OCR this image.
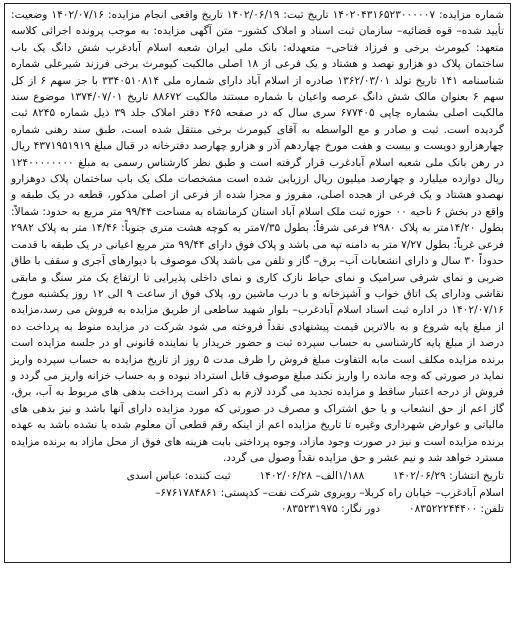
شماره مزایده: ۱۴۰۲۰۴۳۱۶۵۲۳۰۰۰۰۰۷ تاریخ ثبت: ۱۴۰۲/۰۶/۱۹ تاریخ واقعی انجام مزایده: ۱۴۰۲/۰۷/۱۶ وضعیت: تأیید شده– قوه قضائیه– سازمان ثبت اسناد و املاک کشور– متن آگهی مزایده: به موجب پرونده اجرائی کلاسه متعهد: کیومرث برخی و فرزاد فتاحی– متعهدله: بانک ملی ایران شعبه اسلام آبادغرب شش دانگ یک باب ساختمان پلاک دو هزارو نهصد و هشتاد و یک فرعی از ۱۸ اصلی مالکیت کیومرث برخی فرزند شیرعلی شماره شناسنامه ۱۴۱ تاریخ تولد ۱۳۶۲/۰۳/۰۱ صادره از اسلام آباد دارای شماره ملی ۳۳۴۰۵۱۰۸۱۴ با جز سهم ۶ از کل سهم ۶ بعنوان مالک شش دانگ عرصه واعیان با شماره مستند مالکیت ۸۸۶۷۲ تاریخ ۱۳۷۴/۰۷/۰۱ موضوع سند مالکیت اصلی بشماره چاپی ۶۷۷۴۰۵ سری سال که در صفحه ۴۶۵ دفتر املاک جلد ۳۹ ذیل شماره ۸۲۴۵ ثبت گردیده است. ثبت و صادر و مع الواسطه به آقای کیومرث برخی منتقل شده است، طبق سند رهنی شماره چهارهزارو دویست و بیست و هفت مورخ چهاردهم آذر و هزارو چهارصد دفترخانه در قبال مبلغ ۴۳۷۱۹۵۱۹۱۹ ریال در رهن بانک ملی شعبه اسلام آبادغرب قرار گرفته است و طبق نظر کارشناس رسمی به مبلغ ۱۲۴۰۰۰۰۰۰۰۰ ریال دوازده میلیارد و چهارصد میلیون ریال ارزیابی شده است مشخصات ملک یک باب ساختمان پلاک دوهزارو نهصدو هشتاد و یک فرعی از هجده اصلی، مفروز و مجزا شده از فرعی از اصلی مذکور، قطعه در یک طبقه و واقع در بخش ۶ ناحیه ۰۰ حوزه ثبت ملک اسلام آباد استان کرمانشاه به مساحت ۹۹/۴۴ متر مربع به حدود: شمالاً: بطول ۱۴/۲۰متر به پلاک ۲۹۸۰ فرعی شرقاً: بطول ۷/۳۵متر به کوچه هشت متری جنوباً: ۱۴/۴۶ متر به پلاک ۲۹۸۲ فرعی غرباً: بطول ۷/۲۷ متر به دامنه تپه می باشد و پلاک فوق دارای ۹۹/۴۴ متر مربع اعیانی در یک طبقه با قدمت حدوداً ۳۰ سال و دارای انشعابات آب– برق– گاز و تلفن می باشد پلاک موصوف با دیوارهای آجری و سقف با طاق ضربی و نمای شرقی سرامیک و نمای حیاط نازک کاری و نمای داخلی پذیرایی تا ارتفاع یک متر سنگ و مابقی نقاشی ودارای یک اتاق خواب و آشپزخانه و با درب ماشین رو، پلاک فوق از ساعت ۹ الی ۱۲ روز یکشنبه مورخ ۱۴۰۲/۰۷/۱۶ در اداره ثبت اسناد اسلام آبادغرب– بلوار شهید ساطعی از طریق مزایده به فروش می رسد،مزایده از مبلغ پایه شروع و به بالاترین قیمت پیشنهادی نقداً فروخته می شود شرکت در مزایده منوط به پرداخت ده درصد از مبلغ پایه کارشناسی به حساب سپرده ثبت و حضور خریدار یا نماینده قانونی او در جلسه مزایده است برنده مزایده مکلف است مابه التفاوت مبلغ فروش را ظرف مدت ۵ روز از تاریخ مزایده به حساب سپرده واریز نماید در صورتی که وجه مانده را واریز نکند مبلغ موصوف قابل استرداد نبوده و به حساب خزانه واریز می گردد و فروش از درجه اعتبار ساقط و مزایده تجدید می گردد لازم به ذکر است پرداخت بدهی های مربوط به آب، برق، گاز اعم از حق انشعاب و یا حق اشتراک و مصرف در صورتی که مورد مزایده دارای آنها باشد و نیز بدهی های مالیاتی و عوارض شهرداری وغیره تا تاریخ مزایده اعم از اینکه رقم قطعی آن معلوم شده یا نشده باشد به عهده برنده مزایده است و نیز در صورت وجود مازاد، وجوه پرداختی بابت هزینه های فوق از محل مازاد به برنده مزایده مسترد خواهد شد و نیم عشر و حق مزایده نقداً وصول می گردد.

تاریخ انتشار: ۱۴۰۲/۰۶/۲۹  ۱/۱۸۸الف– ۱۴۰۲/۰۶/۲۸  ثبت کننده: عباس اسدی
اسلام آبادغرب– خیابان راه کربلا– روبروی شرکت نفت– کدپستی: ۶۷۶۱۷۸۴۸۶۱–
تلفن: ۰۸۳۵۲۲۲۴۴۴۰۰  دور نگار: ۰۸۳۵۲۳۱۹۷۵
